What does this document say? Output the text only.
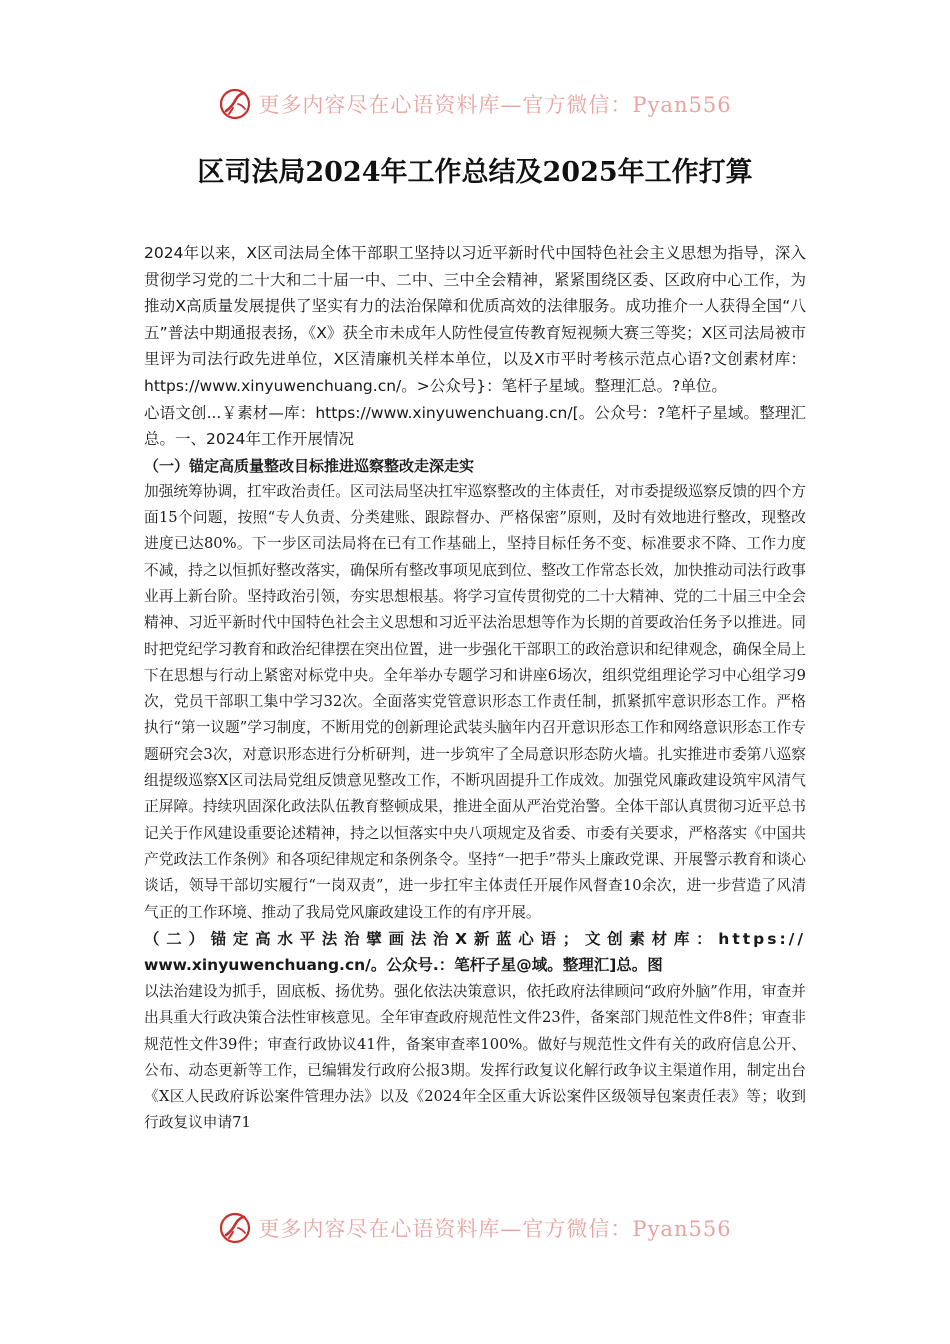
更多内容尽在心语资料库—官方微信：Pyan556
区司法局2024年工作总结及2025年工作打算

2024年以来，X区司法局全体干部职工坚持以习近平新时代中国特色社会主义思想为指导，深入贯彻学习党的二十大和二十届一中、二中、三中全会精神，紧紧围绕区委、区政府中心工作，为推动X高质量发展提供了坚实有力的法治保障和优质高效的法律服务。成功推介一人获得全国“八五”普法中期通报表扬，《X》获全市未成年人防性侵宣传教育短视频大赛三等奖；X区司法局被市里评为司法行政先进单位，X区清廉机关样本单位，以及X市平时考核示范点心语?文创素材库：https://www.xinyuwenchuang.cn/。>公众号}：笔杆子星域。整理汇总。?单位。

心语文创...￥素材—库：https://www.xinyuwenchuang.cn/[。公众号：?笔杆子星域。整理汇总。一、2024年工作开展情况

（一）锚定高质量整改目标推进巡察整改走深走实

加强统筹协调，扛牢政治责任。区司法局坚决扛牢巡察整改的主体责任，对市委提级巡察反馈的四个方面15个问题，按照“专人负责、分类建账、跟踪督办、严格保密”原则，及时有效地进行整改，现整改进度已达80%。下一步区司法局将在已有工作基础上，坚持目标任务不变、标准要求不降、工作力度不减，持之以恒抓好整改落实，确保所有整改事项见底到位、整改工作常态长效，加快推动司法行政事业再上新台阶。坚持政治引领，夯实思想根基。将学习宣传贯彻党的二十大精神、党的二十届三中全会精神、习近平新时代中国特色社会主义思想和习近平法治思想等作为长期的首要政治任务予以推进。同时把党纪学习教育和政治纪律摆在突出位置，进一步强化干部职工的政治意识和纪律观念，确保全局上下在思想与行动上紧密对标党中央。全年举办专题学习和讲座6场次，组织党组理论学习中心组学习9次，党员干部职工集中学习32次。全面落实党管意识形态工作责任制，抓紧抓牢意识形态工作。严格执行“第一议题”学习制度，不断用党的创新理论武装头脑年内召开意识形态工作和网络意识形态工作专题研究会3次，对意识形态进行分析研判，进一步筑牢了全局意识形态防火墙。扎实推进市委第八巡察组提级巡察X区司法局党组反馈意见整改工作，不断巩固提升工作成效。加强党风廉政建设筑牢风清气正屏障。持续巩固深化政法队伍教育整顿成果，推进全面从严治党治警。全体干部认真贯彻习近平总书记关于作风建设重要论述精神，持之以恒落实中央八项规定及省委、市委有关要求，严格落实《中国共产党政法工作条例》和各项纪律规定和条例条令。坚持“一把手”带头上廉政党课、开展警示教育和谈心谈话，领导干部切实履行“一岗双责”，进一步扛牢主体责任开展作风督查10余次，进一步营造了风清气正的工作环境、推动了我局党风廉政建设工作的有序开展。

（二）锚定高水平法治擘画法治X新蓝心语；文创素材库：https://
www.xinyuwenchuang.cn/。公众号.：笔杆子星@域。整理汇]总。图

以法治建设为抓手，固底板、扬优势。强化依法决策意识，依托政府法律顾问“政府外脑”作用，审查并出具重大行政决策合法性审核意见。全年审查政府规范性文件23件，备案部门规范性文件8件；审查非规范性文件39件；审查行政协议41件，备案审查率100%。做好与规范性文件有关的政府信息公开、公布、动态更新等工作，已编辑发行政府公报3期。发挥行政复议化解行政争议主渠道作用，制定出台《X区人民政府诉讼案件管理办法》以及《2024年全区重大诉讼案件区级领导包案责任表》等；收到行政复议申请71

更多内容尽在心语资料库—官方微信：Pyan556
